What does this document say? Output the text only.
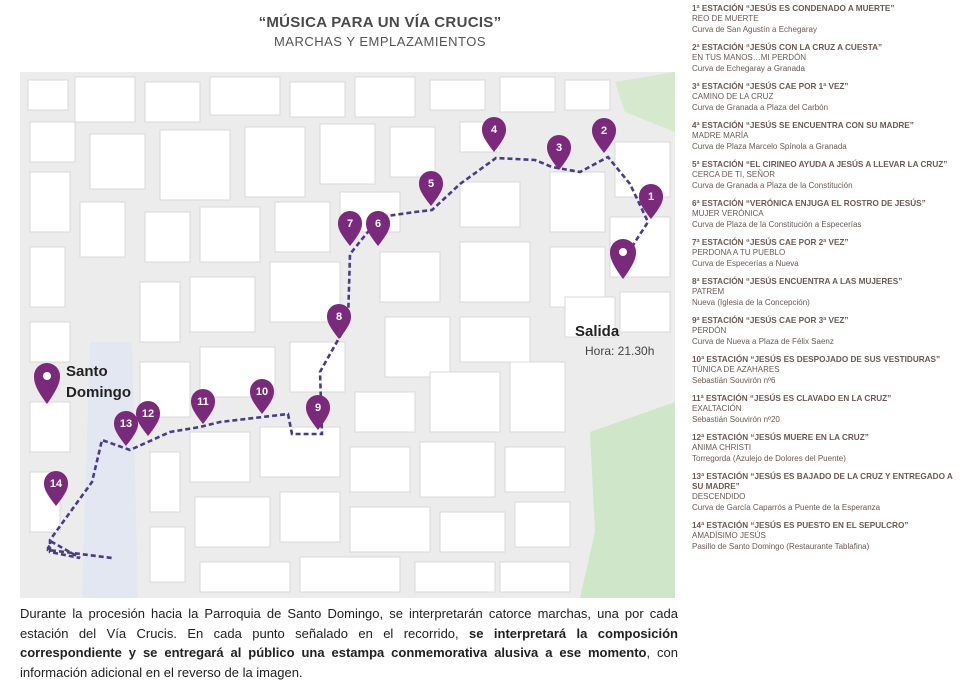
“MÚSICA PARA UN VÍA CRUCIS”
MARCHAS Y EMPLAZAMIENTOS
1
2
3
4
5
6
7
8
9
10
11
12
13
14
Salida
Hora: 21.30h
Santo
Domingo
Durante la procesión hacia la Parroquia de Santo Domingo, se interpretarán catorce marchas, una por cada estación del Vía Crucis. En cada punto señalado en el recorrido, se interpretará la composición correspondiente y se entregará al público una estampa conmemorativa alusiva a ese momento, con información adicional en el reverso de la imagen.
1ª ESTACIÓN “JESÚS ES CONDENADO A MUERTE”
REO DE MUERTE
Curva de San Agustín a Echegaray
2ª ESTACIÓN “JESÚS CON LA CRUZ A CUESTA”
EN TUS MANOS…MI PERDÓN
Curva de Echegaray a Granada
3ª ESTACIÓN “JESÚS CAE POR 1ª VEZ”
CAMINO DE LA CRUZ
Curva de Granada a Plaza del Carbón
4ª ESTACIÓN “JESÚS SE ENCUENTRA CON SU MADRE”
MADRE MARÍA
Curva de Plaza Marcelo Spínola a Granada
5ª ESTACIÓN “EL CIRINEO AYUDA A JESÚS A LLEVAR LA CRUZ”
CERCA DE TI, SEÑOR
Curva de Granada a Plaza de la Constitución
6ª ESTACIÓN “VERÓNICA ENJUGA EL ROSTRO DE JESÚS”
MUJER VERÓNICA
Curva de Plaza de la Constitución a Especerías
7ª ESTACIÓN “JESÚS CAE POR 2ª VEZ”
PERDONA A TU PUEBLO
Curva de Especerías a Nueva
8ª ESTACIÓN “JESÚS ENCUENTRA A LAS MUJERES”
PATREM
Nueva (Iglesia de la Concepción)
9ª ESTACIÓN “JESÚS CAE POR 3ª VEZ”
PERDÓN
Curva de Nueva a Plaza de Félix Saenz
10ª ESTACIÓN “JESÚS ES DESPOJADO DE SUS VESTIDURAS”
TÚNICA DE AZAHARES
Sebastián Souvirón nº6
11ª ESTACIÓN “JESÚS ES CLAVADO EN LA CRUZ”
EXALTACIÓN
Sebastián Souvirón nº20
12ª ESTACIÓN “JESÚS MUERE EN LA CRUZ”
ANIMA CHRISTI
Torregorda (Azulejo de Dolores del Puente)
13ª ESTACIÓN “JESÚS ES BAJADO DE LA CRUZ Y ENTREGADO A SU MADRE”
DESCENDIDO
Curva de García Caparrós a Puente de la Esperanza
14ª ESTACIÓN “JESÚS ES PUESTO EN EL SEPULCRO”
AMADÍSIMO JESÚS
Pasillo de Santo Domingo (Restaurante Tablafina)
